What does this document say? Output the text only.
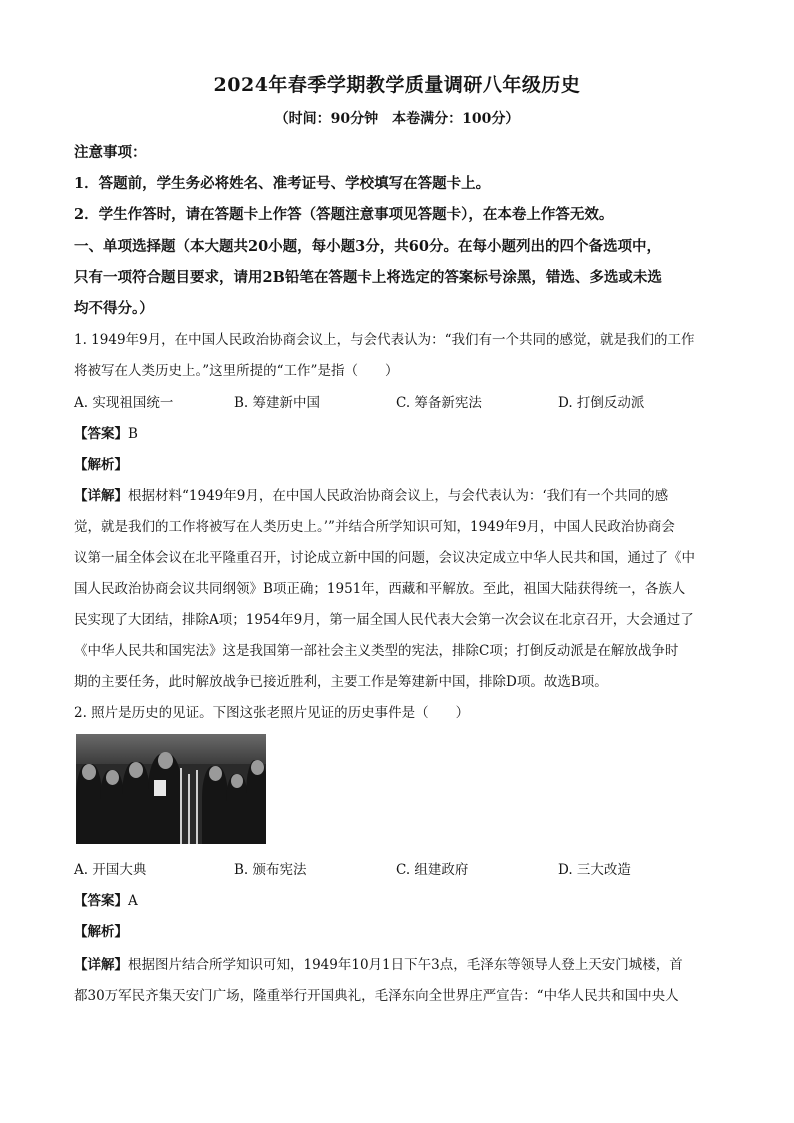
2024年春季学期教学质量调研八年级历史
（时间：90分钟　本卷满分：100分）
注意事项：
1．答题前，学生务必将姓名、准考证号、学校填写在答题卡上。
2．学生作答时，请在答题卡上作答（答题注意事项见答题卡），在本卷上作答无效。
一、单项选择题（本大题共20小题，每小题3分，共60分。在每小题列出的四个备选项中，
只有一项符合题目要求，请用2B铅笔在答题卡上将选定的答案标号涂黑，错选、多选或未选
均不得分。）
1. 1949年9月，在中国人民政治协商会议上，与会代表认为：“我们有一个共同的感觉，就是我们的工作
将被写在人类历史上。”这里所提的“工作”是指（　　）
A. 实现祖国统一	B. 筹建新中国	C. 筹备新宪法	D. 打倒反动派
【答案】B
【解析】
【详解】根据材料“1949年9月，在中国人民政治协商会议上，与会代表认为：‘我们有一个共同的感
觉，就是我们的工作将被写在人类历史上。’”并结合所学知识可知，1949年9月，中国人民政治协商会
议第一届全体会议在北平隆重召开，讨论成立新中国的问题，会议决定成立中华人民共和国，通过了《中
国人民政治协商会议共同纲领》B项正确；1951年，西藏和平解放。至此，祖国大陆获得统一，各族人
民实现了大团结，排除A项；1954年9月，第一届全国人民代表大会第一次会议在北京召开，大会通过了
《中华人民共和国宪法》这是我国第一部社会主义类型的宪法，排除C项；打倒反动派是在解放战争时
期的主要任务，此时解放战争已接近胜利，主要工作是筹建新中国，排除D项。故选B项。
2. 照片是历史的见证。下图这张老照片见证的历史事件是（　　）
A. 开国大典	B. 颁布宪法	C. 组建政府	D. 三大改造
【答案】A
【解析】
【详解】根据图片结合所学知识可知，1949年10月1日下午3点，毛泽东等领导人登上天安门城楼，首
都30万军民齐集天安门广场，隆重举行开国典礼，毛泽东向全世界庄严宣告：“中华人民共和国中央人
